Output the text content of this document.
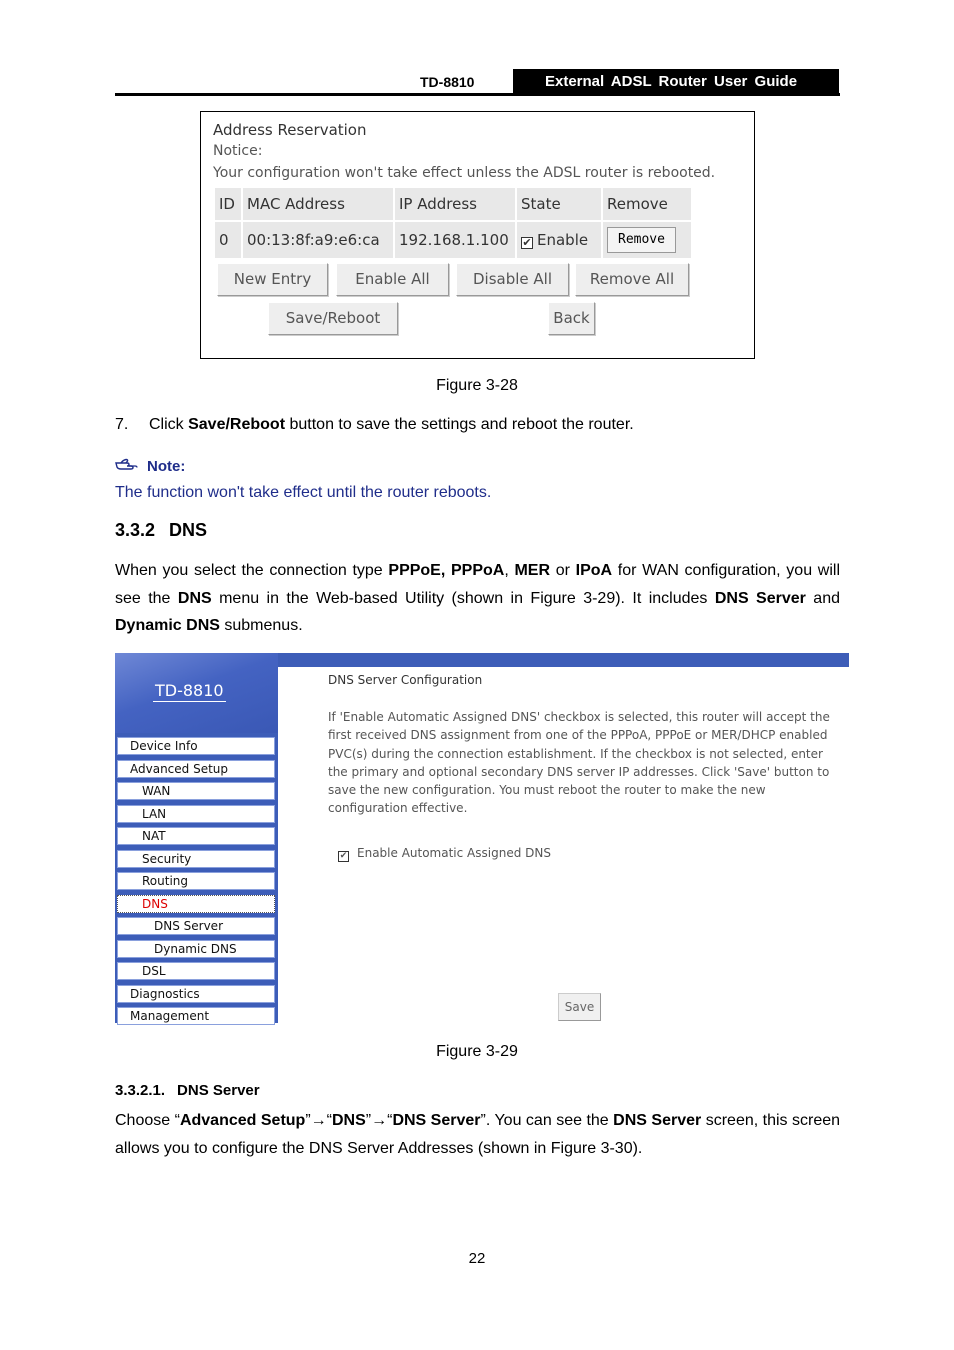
TD-8810	External ADSL Router User Guide
Address Reservation
Notice:
Your configuration won't take effect unless the ADSL router is rebooted.
ID	MAC Address	IP Address	State	Remove
0	00:13:8f:a9:e6:ca	192.168.1.100	✔ Enable	Remove
New Entry	Enable All	Disable All	Remove All
Save/Reboot	Back
Figure 3-28
7. Click Save/Reboot button to save the settings and reboot the router.
Note:
The function won't take effect until the router reboots.
3.3.2 DNS
When you select the connection type PPPoE, PPPoA, MER or IPoA for WAN configuration, you will see the DNS menu in the Web-based Utility (shown in Figure 3-29). It includes DNS Server and Dynamic DNS submenus.
TD-8810
Device Info
Advanced Setup
WAN
LAN
NAT
Security
Routing
DNS
DNS Server
Dynamic DNS
DSL
Diagnostics
Management
DNS Server Configuration
If 'Enable Automatic Assigned DNS' checkbox is selected, this router will accept the first received DNS assignment from one of the PPPoA, PPPoE or MER/DHCP enabled PVC(s) during the connection establishment. If the checkbox is not selected, enter the primary and optional secondary DNS server IP addresses. Click 'Save' button to save the new configuration. You must reboot the router to make the new configuration effective.
✔ Enable Automatic Assigned DNS
Save
Figure 3-29
3.3.2.1. DNS Server
Choose “Advanced Setup”→“DNS”→“DNS Server”. You can see the DNS Server screen, this screen allows you to configure the DNS Server Addresses (shown in Figure 3-30).
22
